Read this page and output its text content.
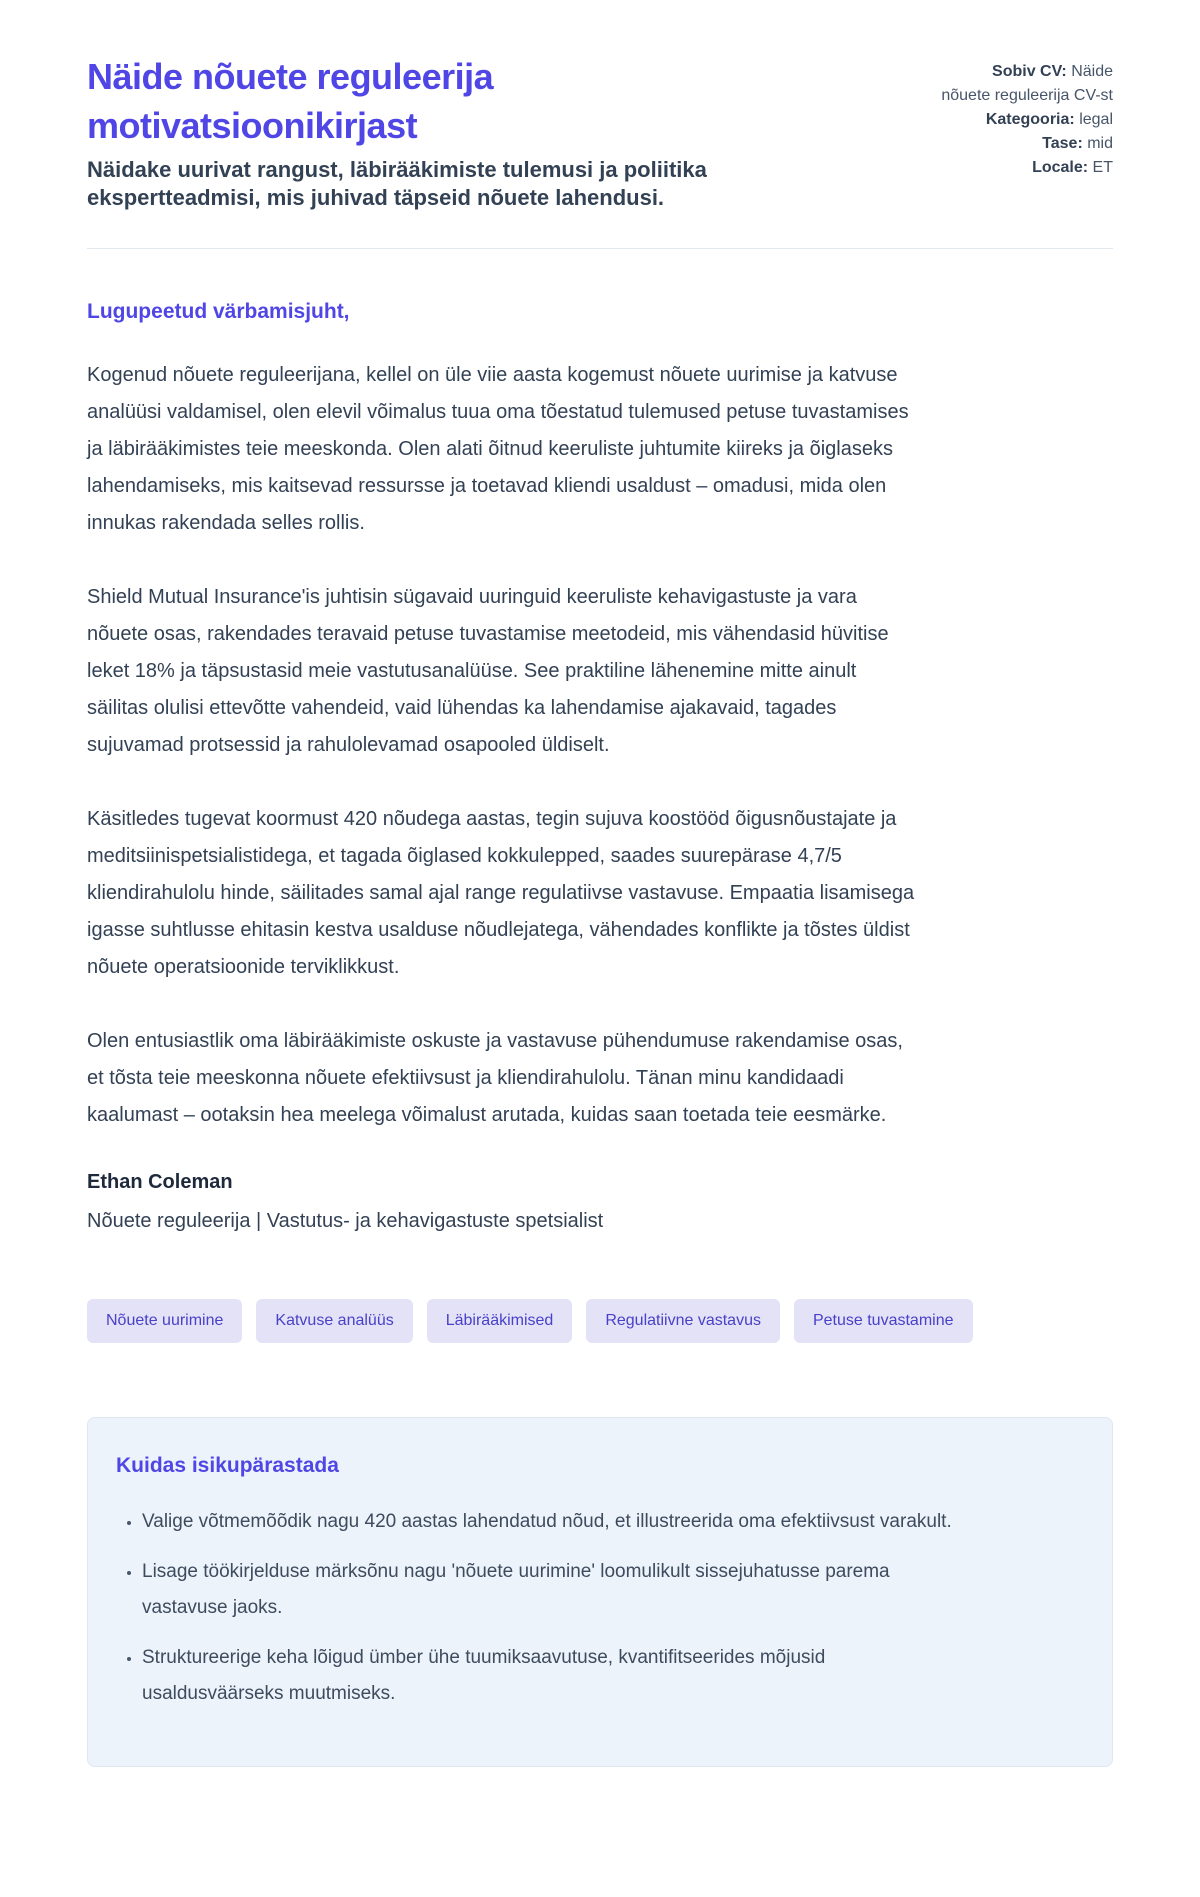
Näide nõuete reguleerija motivatsioonikirjast

Näidake uurivat rangust, läbirääkimiste tulemusi ja poliitika ekspertteadmisi, mis juhivad täpseid nõuete lahendusi.

Sobiv CV: Näide nõuete reguleerija CV-st
Kategooria: legal
Tase: mid
Locale: ET

Lugupeetud värbamisjuht,

Kogenud nõuete reguleerijana, kellel on üle viie aasta kogemust nõuete uurimise ja katvuse analüüsi valdamisel, olen elevil võimalus tuua oma tõestatud tulemused petuse tuvastamises ja läbirääkimistes teie meeskonda. Olen alati õitnud keeruliste juhtumite kiireks ja õiglaseks lahendamiseks, mis kaitsevad ressursse ja toetavad kliendi usaldust – omadusi, mida olen innukas rakendada selles rollis.

Shield Mutual Insurance'is juhtisin sügavaid uuringuid keeruliste kehavigastuste ja vara nõuete osas, rakendades teravaid petuse tuvastamise meetodeid, mis vähendasid hüvitise leket 18% ja täpsustasid meie vastutusanalüüse. See praktiline lähenemine mitte ainult säilitas olulisi ettevõtte vahendeid, vaid lühendas ka lahendamise ajakavaid, tagades sujuvamad protsessid ja rahulolevamad osapooled üldiselt.

Käsitledes tugevat koormust 420 nõudega aastas, tegin sujuva koostööd õigusnõustajate ja meditsiinispetsialistidega, et tagada õiglased kokkulepped, saades suurepärase 4,7/5 kliendirahulolu hinde, säilitades samal ajal range regulatiivse vastavuse. Empaatia lisamisega igasse suhtlusse ehitasin kestva usalduse nõudlejatega, vähendades konflikte ja tõstes üldist nõuete operatsioonide terviklikkust.

Olen entusiastlik oma läbirääkimiste oskuste ja vastavuse pühendumuse rakendamise osas, et tõsta teie meeskonna nõuete efektiivsust ja kliendirahulolu. Tänan minu kandidaadi kaalumast – ootaksin hea meelega võimalust arutada, kuidas saan toetada teie eesmärke.

Ethan Coleman

Nõuete reguleerija | Vastutus- ja kehavigastuste spetsialist

Nõuete uurimine	Katvuse analüüs	Läbirääkimised	Regulatiivne vastavus	Petuse tuvastamine
Kuidas isikupärastada
• Valige võtmemõõdik nagu 420 aastas lahendatud nõud, et illustreerida oma efektiivsust varakult.
• Lisage töökirjelduse märksõnu nagu 'nõuete uurimine' loomulikult sissejuhatusse parema vastavuse jaoks.
• Struktureerige keha lõigud ümber ühe tuumiksaavutuse, kvantifitseerides mõjusid usaldusväärseks muutmiseks.
